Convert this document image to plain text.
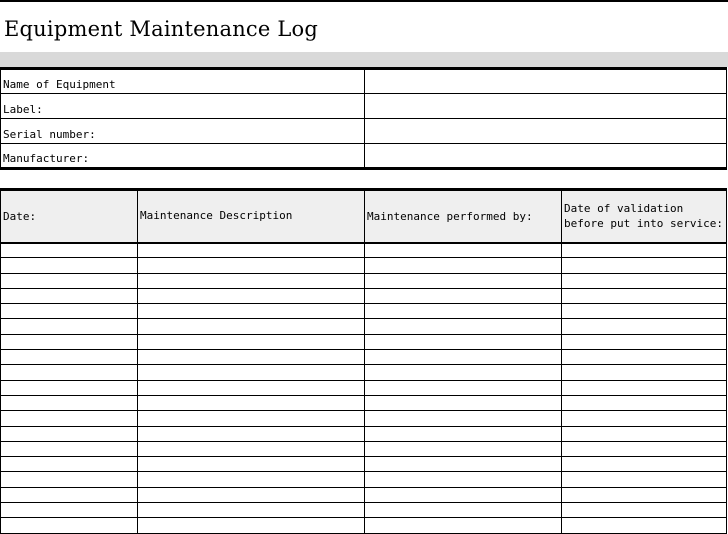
Equipment Maintenance Log
Name of Equipment	
Label:	
Serial number:	
Manufacturer:	
Date:	Maintenance Description	Maintenance performed by:	Date of validation before put into service:
